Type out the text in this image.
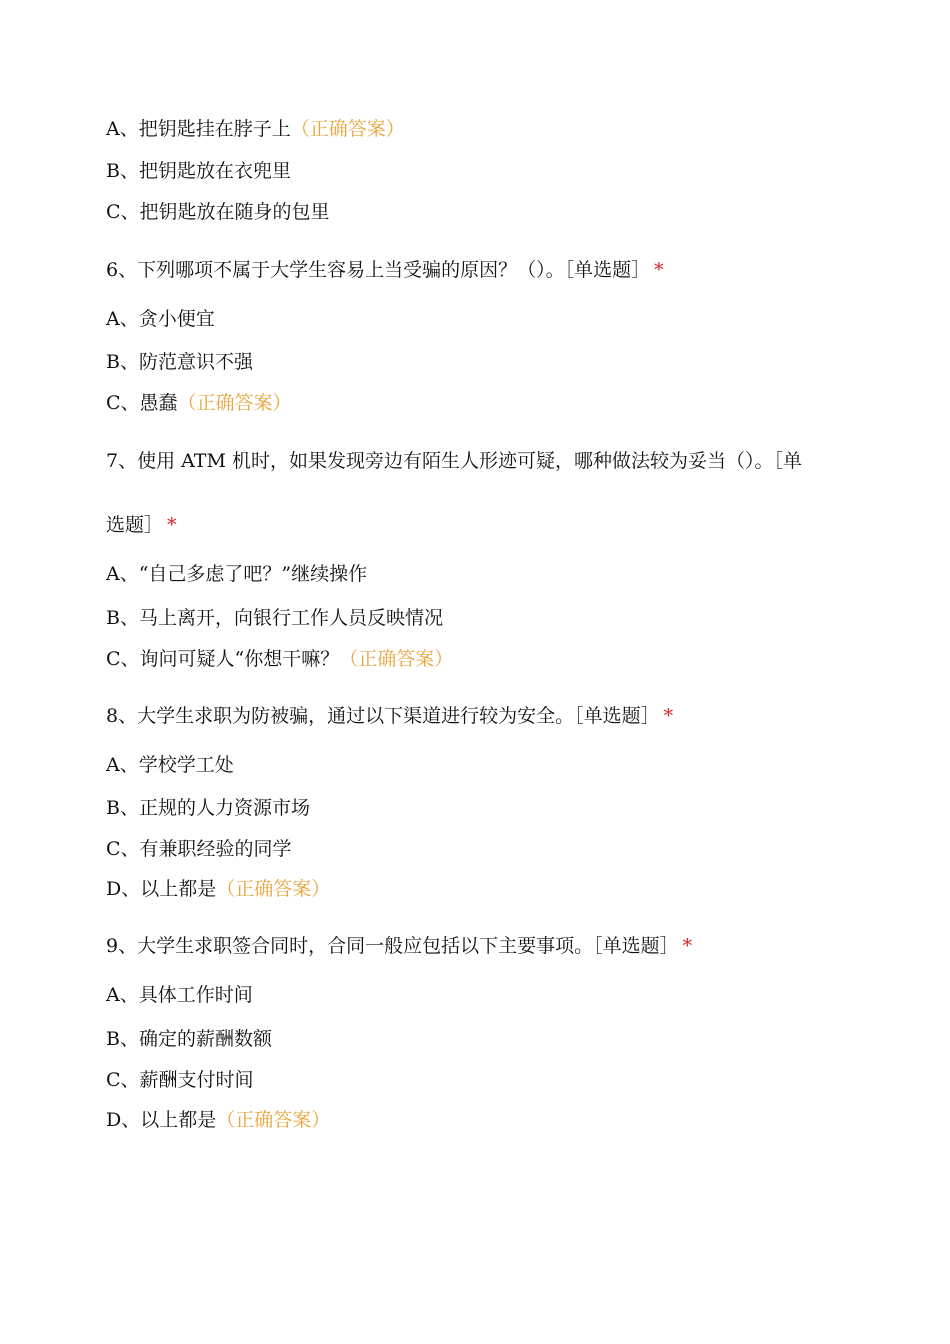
A、把钥匙挂在脖子上（正确答案）
B、把钥匙放在衣兜里
C、把钥匙放在随身的包里
6、下列哪项不属于大学生容易上当受骗的原因？（）。［单选题］ *
A、贪小便宜
B、防范意识不强
C、愚蠢（正确答案）
7、使用 ATM 机时，如果发现旁边有陌生人形迹可疑，哪种做法较为妥当（）。［单
选题］ *
A、“自己多虑了吧？”继续操作
B、马上离开，向银行工作人员反映情况
C、询问可疑人“你想干嘛？（正确答案）
8、大学生求职为防被骗，通过以下渠道进行较为安全。［单选题］ *
A、学校学工处
B、正规的人力资源市场
C、有兼职经验的同学
D、以上都是（正确答案）
9、大学生求职签合同时，合同一般应包括以下主要事项。［单选题］ *
A、具体工作时间
B、确定的薪酬数额
C、薪酬支付时间
D、以上都是（正确答案）
